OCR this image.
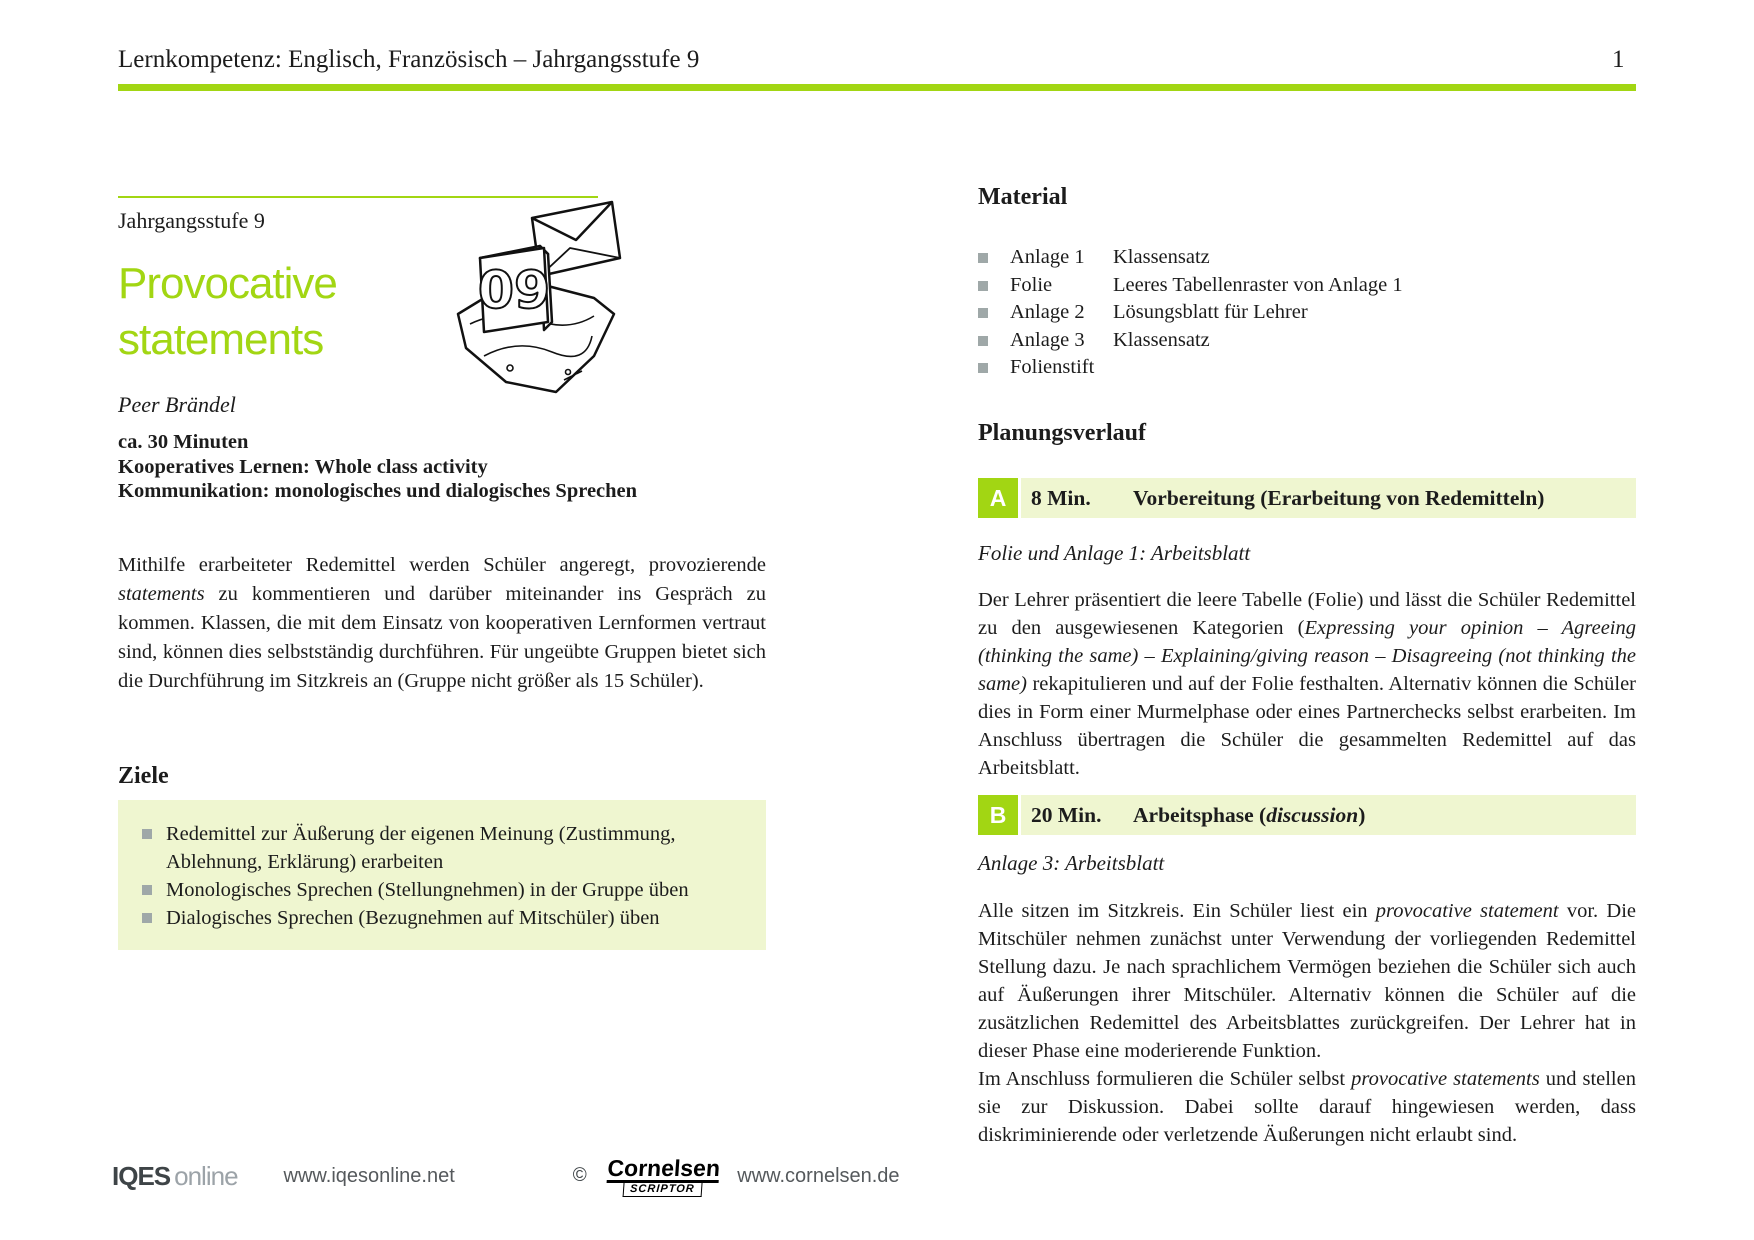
Lernkompetenz: Englisch, Französisch – Jahrgangsstufe 9	1
Jahrgangsstufe 9
Provocative
statements
09
Peer Brändel
ca. 30 Minuten
Kooperatives Lernen: Whole class activity
Kommunikation: monologisches und dialogisches Sprechen
Mithilfe erarbeiteter Redemittel werden Schüler angeregt, provozierende statements zu kommentieren und darüber miteinander ins Gespräch zu kommen. Klassen, die mit dem Einsatz von kooperativen Lernformen vertraut sind, können dies selbstständig durchführen. Für ungeübte Gruppen bietet sich die Durchführung im Sitzkreis an (Gruppe nicht größer als 15 Schüler).
Ziele
Redemittel zur Äußerung der eigenen Meinung (Zustimmung, Ablehnung, Erklärung) erarbeiten
Monologisches Sprechen (Stellungnehmen) in der Gruppe üben
Dialogisches Sprechen (Bezugnehmen auf Mitschüler) üben
Material
Anlage 1	Klassensatz
Folie	Leeres Tabellenraster von Anlage 1
Anlage 2	Lösungsblatt für Lehrer
Anlage 3	Klassensatz
Folienstift
Planungsverlauf
A	8 Min.	Vorbereitung (Erarbeitung von Redemitteln)
Folie und Anlage 1: Arbeitsblatt

Der Lehrer präsentiert die leere Tabelle (Folie) und lässt die Schüler Redemittel zu den ausgewiesenen Kategorien (Expressing your opinion – Agreeing (thinking the same) – Explaining/giving reason – Disagreeing (not thinking the same) rekapitulieren und auf der Folie festhalten. Alternativ können die Schüler dies in Form einer Murmelphase oder eines Partnerchecks selbst erarbeiten. Im Anschluss übertragen die Schüler die gesammelten Redemittel auf das Arbeitsblatt.

B	20 Min.	Arbeitsphase (discussion)
Anlage 3: Arbeitsblatt

Alle sitzen im Sitzkreis. Ein Schüler liest ein provocative statement vor. Die Mitschüler nehmen zunächst unter Verwendung der vorliegenden Redemittel Stellung dazu. Je nach sprachlichem Vermögen beziehen die Schüler sich auch auf Äußerungen ihrer Mitschüler. Alternativ können die Schüler auf die zusätzlichen Redemittel des Arbeitsblattes zurückgreifen. Der Lehrer hat in dieser Phase eine moderierende Funktion.

Im Anschluss formulieren die Schüler selbst provocative statements und stellen sie zur Diskussion. Dabei sollte darauf hingewiesen werden, dass diskriminierende oder verletzende Äußerungen nicht erlaubt sind.

IQES online www.iqesonline.net	© Cornelsen
SCRIPTOR
www.cornelsen.de
